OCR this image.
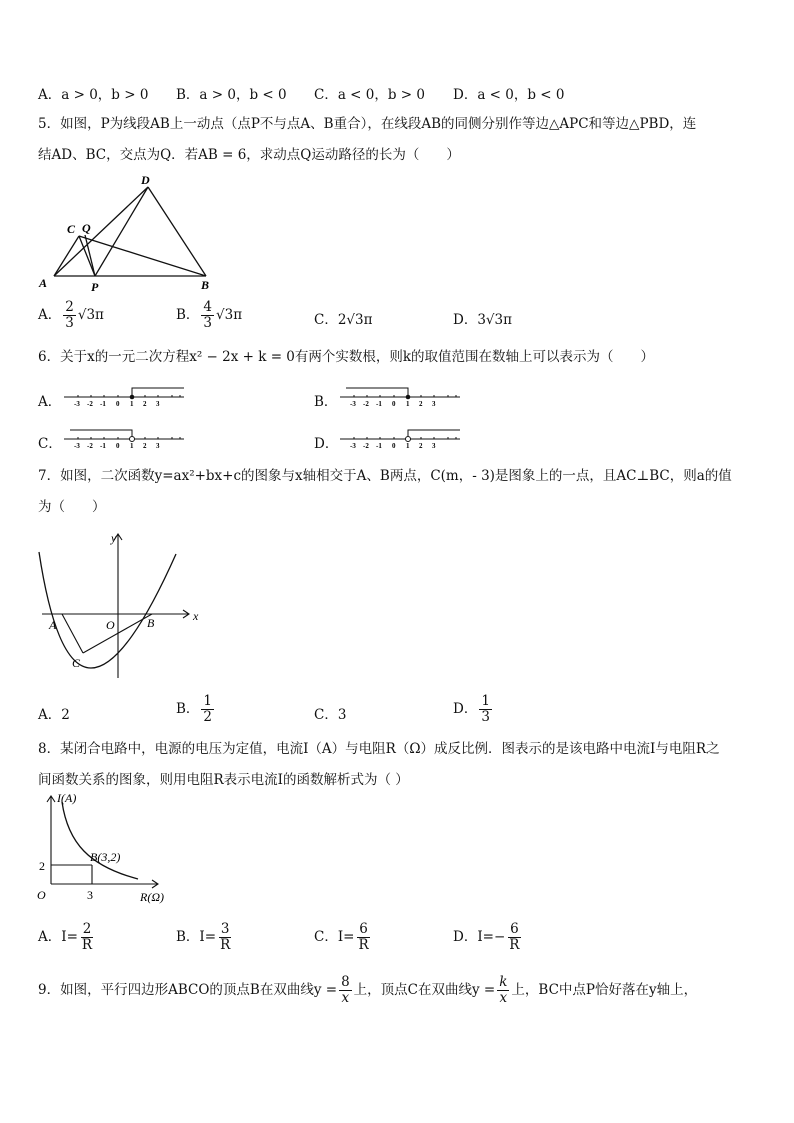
A．a > 0，b > 0 B．a > 0，b < 0 C．a < 0，b > 0 D．a < 0，b < 0
5．如图，P为线段AB上一动点（点P不与点A、B重合），在线段AB的同侧分别作等边△APC和等边△PBD，连
结AD、BC，交点为Q．若AB = 6，求动点Q运动路径的长为（　　）
D
C Q
A	P	B
A． $\frac{2}{3} √3\pi$	B． $\frac{4}{3} √3\pi$	C．2√3π	D．3√3π
6．关于x的一元二次方程x² − 2x + k = 0有两个实数根，则k的取值范围在数轴上可以表示为（　　）
A．	B．
C．	D．
-3 -2 -1 0 1 2 3	-3 -2 -1 0 1 2 3
-3 -2 -1 0 1 2 3	-3 -2 -1 0 1 2 3
7．如图，二次函数y=ax²+bx+c的图象与x轴相交于A、B两点，C(m，- 3)是图象上的一点，且AC⊥BC，则a的值
为（　　）
y
x
A	O	B
C
A．2	B． $\frac{1}{2}$	C．3	D． $\frac{1}{3}$
8．某闭合电路中，电源的电压为定值，电流I（A）与电阻R（Ω）成反比例．图表示的是该电路中电流I与电阻R之
间函数关系的图象，则用电阻R表示电流I的函数解析式为（ ）
I(A)
B(3,2)
2
O	3	R(Ω)
A．$I= \frac{2}{R}$	B．$I= \frac{3}{R}$	C．$I= \frac{6}{R}$	D．$I=- \frac{6}{R}$
9．如图，平行四边形ABCO的顶点B在双曲线$y = \frac{8}{x}$ 上，顶点C在双曲线$y = \frac{k}{x}$ 上，BC中点P恰好落在y轴上，
